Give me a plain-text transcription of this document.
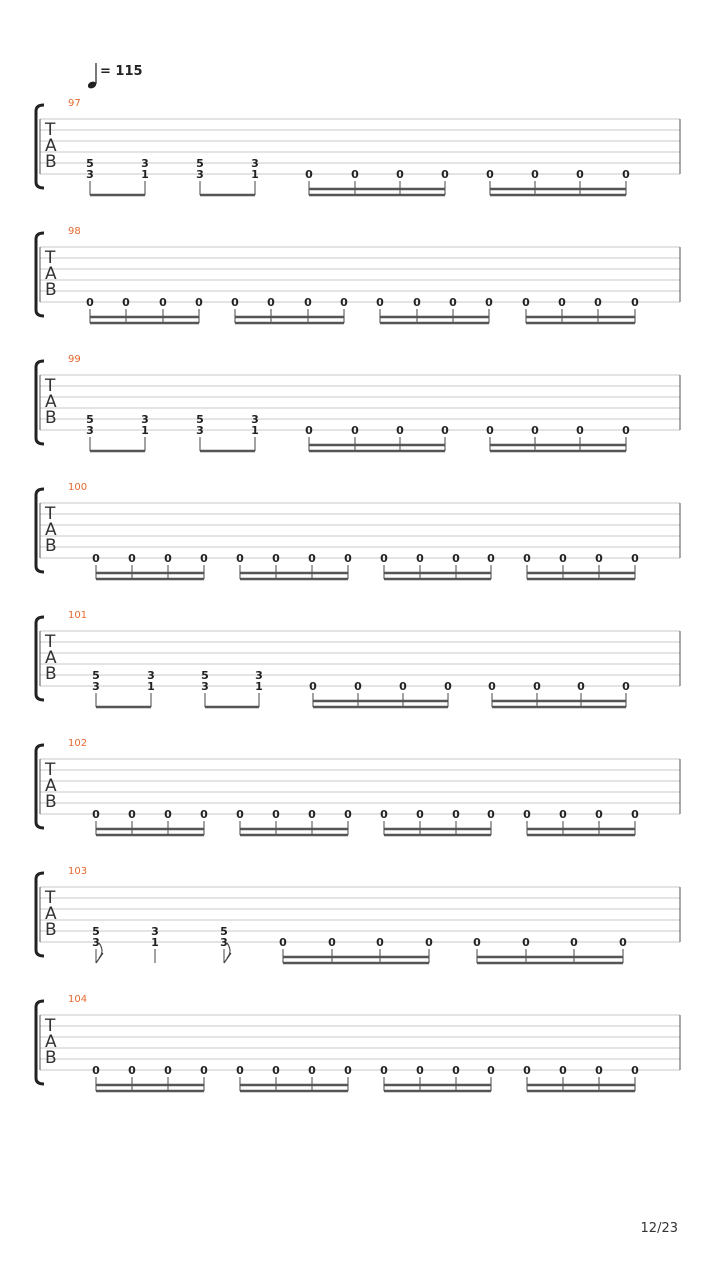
= 115
97
T
A
B	5
3
3
1
5
3
3
1	0	0	0	0	0	0	0	0
98
T
A
B
0	0	0	0	0	0	0	0	0	0	0	0	0	0	0	0
99
T
A
B	5
3
3
1
5
3
3
1	0	0	0	0	0	0	0	0
100
T
A
B
0	0	0	0	0	0	0	0	0	0	0 0	0	0	0	0
101
T
A
B	5
3
3
1
5
3
3
1	0	0	0	0	0	0	0	0
102
T
A
B
0	0	0	0	0	0	0	0	0	0	0 0	0	0	0	0
103
T
A
B	5
3
3
1
5
3	0	0	0	0	0	0	0	0
104
T
A
B
0	0	0	0	0	0	0	0	0	0	0 0	0	0	0	0
12/23
